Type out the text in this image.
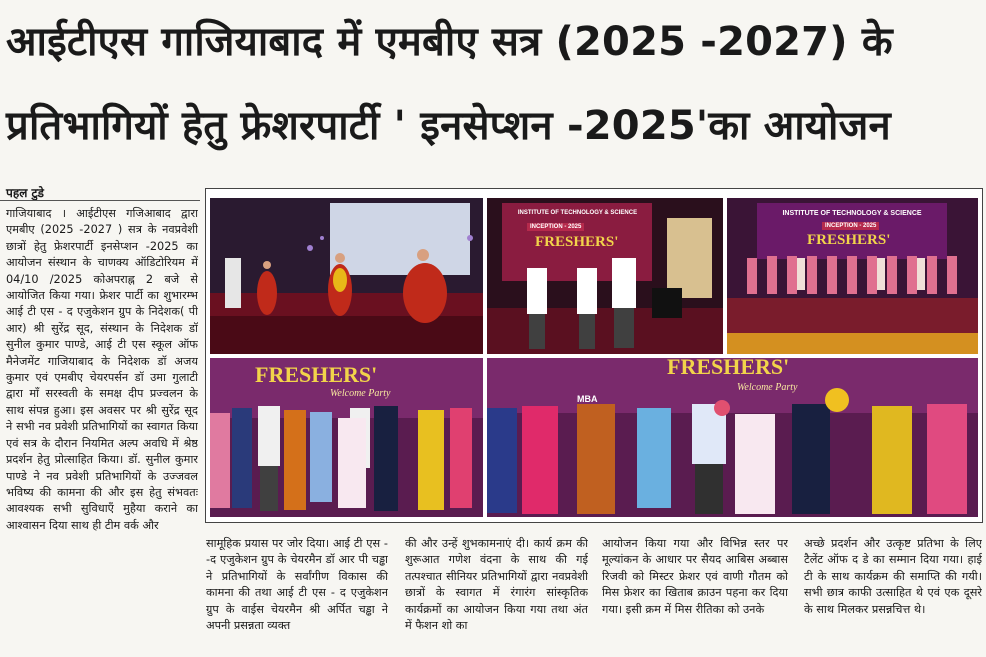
आईटीएस गाजियाबाद में एमबीए सत्र (2025 -2027) के
प्रतिभागियों हेतु फ्रेशरपार्टी ' इनसेप्शन -2025'का आयोजन
पहल टुडे
गाजियाबाद । आईटीएस गजिआबाद द्वारा एमबीए (2025 -2027 ) सत्र के नवप्रवेशी छात्रों हेतु फ्रेशरपार्टी इनसेप्शन -2025 का आयोजन संस्थान के चाणक्य ऑडिटोरियम में 04/10 /2025 कोअपराह्न 2 बजे से आयोजित किया गया। फ्रेशर पार्टी का शुभारम्भ आई टी एस - द एजुकेशन ग्रुप के निदेशक( पी आर) श्री सुरेंद्र सूद, संस्थान के निदेशक डॉ सुनील कुमार पाण्डे, आई टी एस स्कूल ऑफ मैनेजमेंट गाजियाबाद के निदेशक डॉ अजय कुमार एवं एमबीए चेयरपर्सन डॉ उमा गुलाटी द्वारा माँ सरस्वती के समक्ष दीप प्रज्वलन के साथ संपन्न हुआ। इस अवसर पर श्री सुरेंद्र सूद ने सभी नव प्रवेशी प्रतिभागियों का स्वागत किया एवं सत्र के दौरान नियमित अल्प अवधि में श्रेष्ठ प्रदर्शन हेतु प्रोत्साहित किया। डॉ. सुनील कुमार पाण्डे ने नव प्रवेशी प्रतिभागियों के उज्जवल भविष्य की कामना की और इस हेतु संभवतः आवश्यक सभी सुविधाएँ मुहैया कराने का आश्वासन दिया साथ ही टीम वर्क और
INSTITUTE OF TECHNOLOGY & SCIENCE
INCEPTION - 2025
FRESHERS'
INSTITUTE OF TECHNOLOGY & SCIENCE
INCEPTION - 2025
FRESHERS'
FRESHERS'
Welcome Party
FRESHERS'
Welcome Party
MBA
सामूहिक प्रयास पर जोर दिया। आई टी एस --द एजुकेशन ग्रुप के चेयरमैन डॉ आर पी चड्ढा ने प्रतिभागियों के सर्वांगीण विकास की कामना की तथा आई टी एस - द एजुकेशन ग्रुप के वाईस चेयरमैन श्री अर्पित चड्ढा ने अपनी प्रसन्नता व्यक्त
की और उन्हें शुभकामनाएं दी। कार्य क्रम की शुरूआत गणेश वंदना के साथ की गई तत्पश्चात सीनियर प्रतिभागियों द्वारा नवप्रवेशी छात्रों के स्वागत में रंगारंग सांस्कृतिक कार्यक्रमों का आयोजन किया गया तथा अंत में फैशन शो का
आयोजन किया गया और विभिन्न स्तर पर मूल्यांकन के आधार पर सैयद आबिस अब्बास रिजवी को मिस्टर फ्रेशर एवं वाणी गौतम को मिस फ्रेशर का खिताब क्राउन पहना कर दिया गया। इसी क्रम में मिस रीतिका को उनके
अच्छे प्रदर्शन और उत्कृष्ट प्रतिभा के लिए टैलेंट ऑफ द डे का सम्मान दिया गया। हाई टी के साथ कार्यक्रम की समाप्ति की गयी।सभी छात्र काफी उत्साहित थे एवं एक दूसरे के साथ मिलकर प्रसन्नचित्त थे।
